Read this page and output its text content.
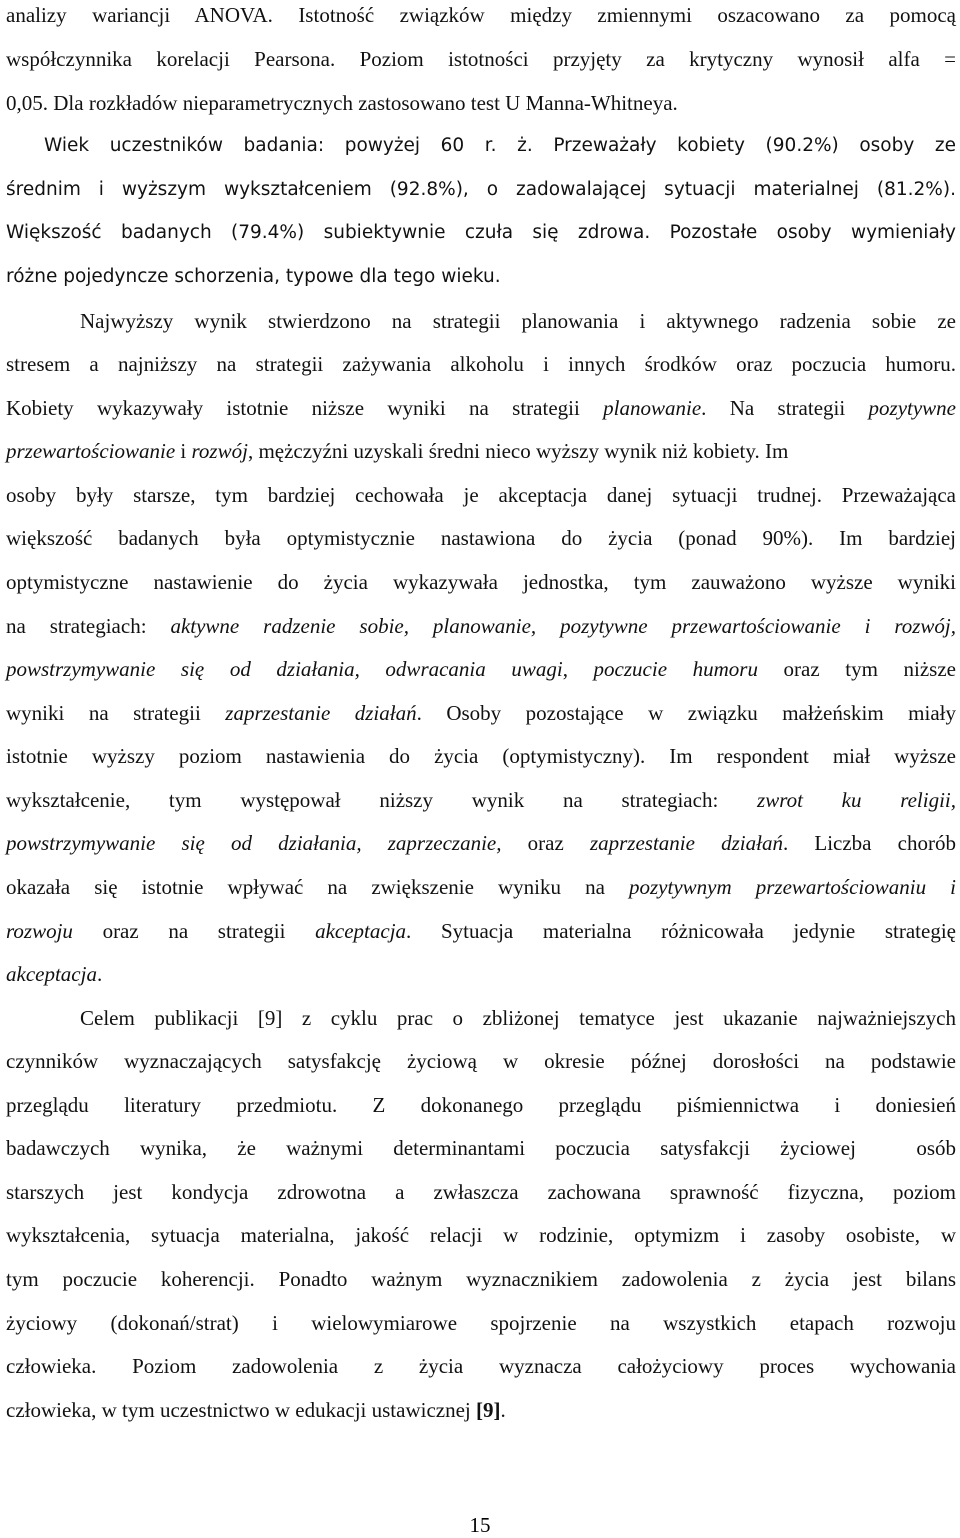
analizy wariancji ANOVA. Istotność związków między zmiennymi oszacowano za pomocą
współczynnika korelacji Pearsona. Poziom istotności przyjęty za krytyczny wynosił alfa =
0,05. Dla rozkładów nieparametrycznych zastosowano test U Manna-Whitneya.
Wiek uczestników badania: powyżej 60 r. ż. Przeważały kobiety (90.2%) osoby ze
średnim i wyższym wykształceniem (92.8%), o zadowalającej sytuacji materialnej (81.2%).
Większość badanych (79.4%) subiektywnie czuła się zdrowa. Pozostałe osoby wymieniały
różne pojedyncze schorzenia, typowe dla tego wieku.
Najwyższy wynik stwierdzono na strategii planowania i aktywnego radzenia sobie ze
stresem a najniższy na strategii zażywania alkoholu i innych środków oraz poczucia humoru.
Kobiety wykazywały istotnie niższe wyniki na strategii planowanie. Na strategii pozytywne
przewartościowanie i rozwój, mężczyźni uzyskali średni nieco wyższy wynik niż kobiety. Im
osoby były starsze, tym bardziej cechowała je akceptacja danej sytuacji trudnej. Przeważająca
większość badanych była optymistycznie nastawiona do życia (ponad 90%). Im bardziej
optymistyczne nastawienie do życia wykazywała jednostka, tym zauważono wyższe wyniki
na strategiach: aktywne radzenie sobie, planowanie, pozytywne przewartościowanie i rozwój,
powstrzymywanie się od działania, odwracania uwagi, poczucie humoru oraz tym niższe
wyniki na strategii zaprzestanie działań. Osoby pozostające w związku małżeńskim miały
istotnie wyższy poziom nastawienia do życia (optymistyczny). Im respondent miał wyższe
wykształcenie, tym występował niższy wynik na strategiach: zwrot ku religii,
powstrzymywanie się od działania, zaprzeczanie, oraz zaprzestanie działań. Liczba chorób
okazała się istotnie wpływać na zwiększenie wyniku na pozytywnym przewartościowaniu i
rozwoju oraz na strategii akceptacja. Sytuacja materialna różnicowała jedynie strategię
akceptacja.
Celem publikacji [9] z cyklu prac o zbliżonej tematyce jest ukazanie najważniejszych
czynników wyznaczających satysfakcję życiową w okresie późnej dorosłości na podstawie
przeglądu literatury przedmiotu. Z dokonanego przeglądu piśmiennictwa i doniesień
badawczych wynika, że ważnymi determinantami poczucia satysfakcji życiowej  osób
starszych jest kondycja zdrowotna a zwłaszcza zachowana sprawność fizyczna, poziom
wykształcenia, sytuacja materialna, jakość relacji w rodzinie, optymizm i zasoby osobiste, w
tym poczucie koherencji. Ponadto ważnym wyznacznikiem zadowolenia z życia jest bilans
życiowy (dokonań/strat) i wielowymiarowe spojrzenie na wszystkich etapach rozwoju
człowieka. Poziom zadowolenia z życia wyznacza całożyciowy proces wychowania
człowieka, w tym uczestnictwo w edukacji ustawicznej [9].
15
